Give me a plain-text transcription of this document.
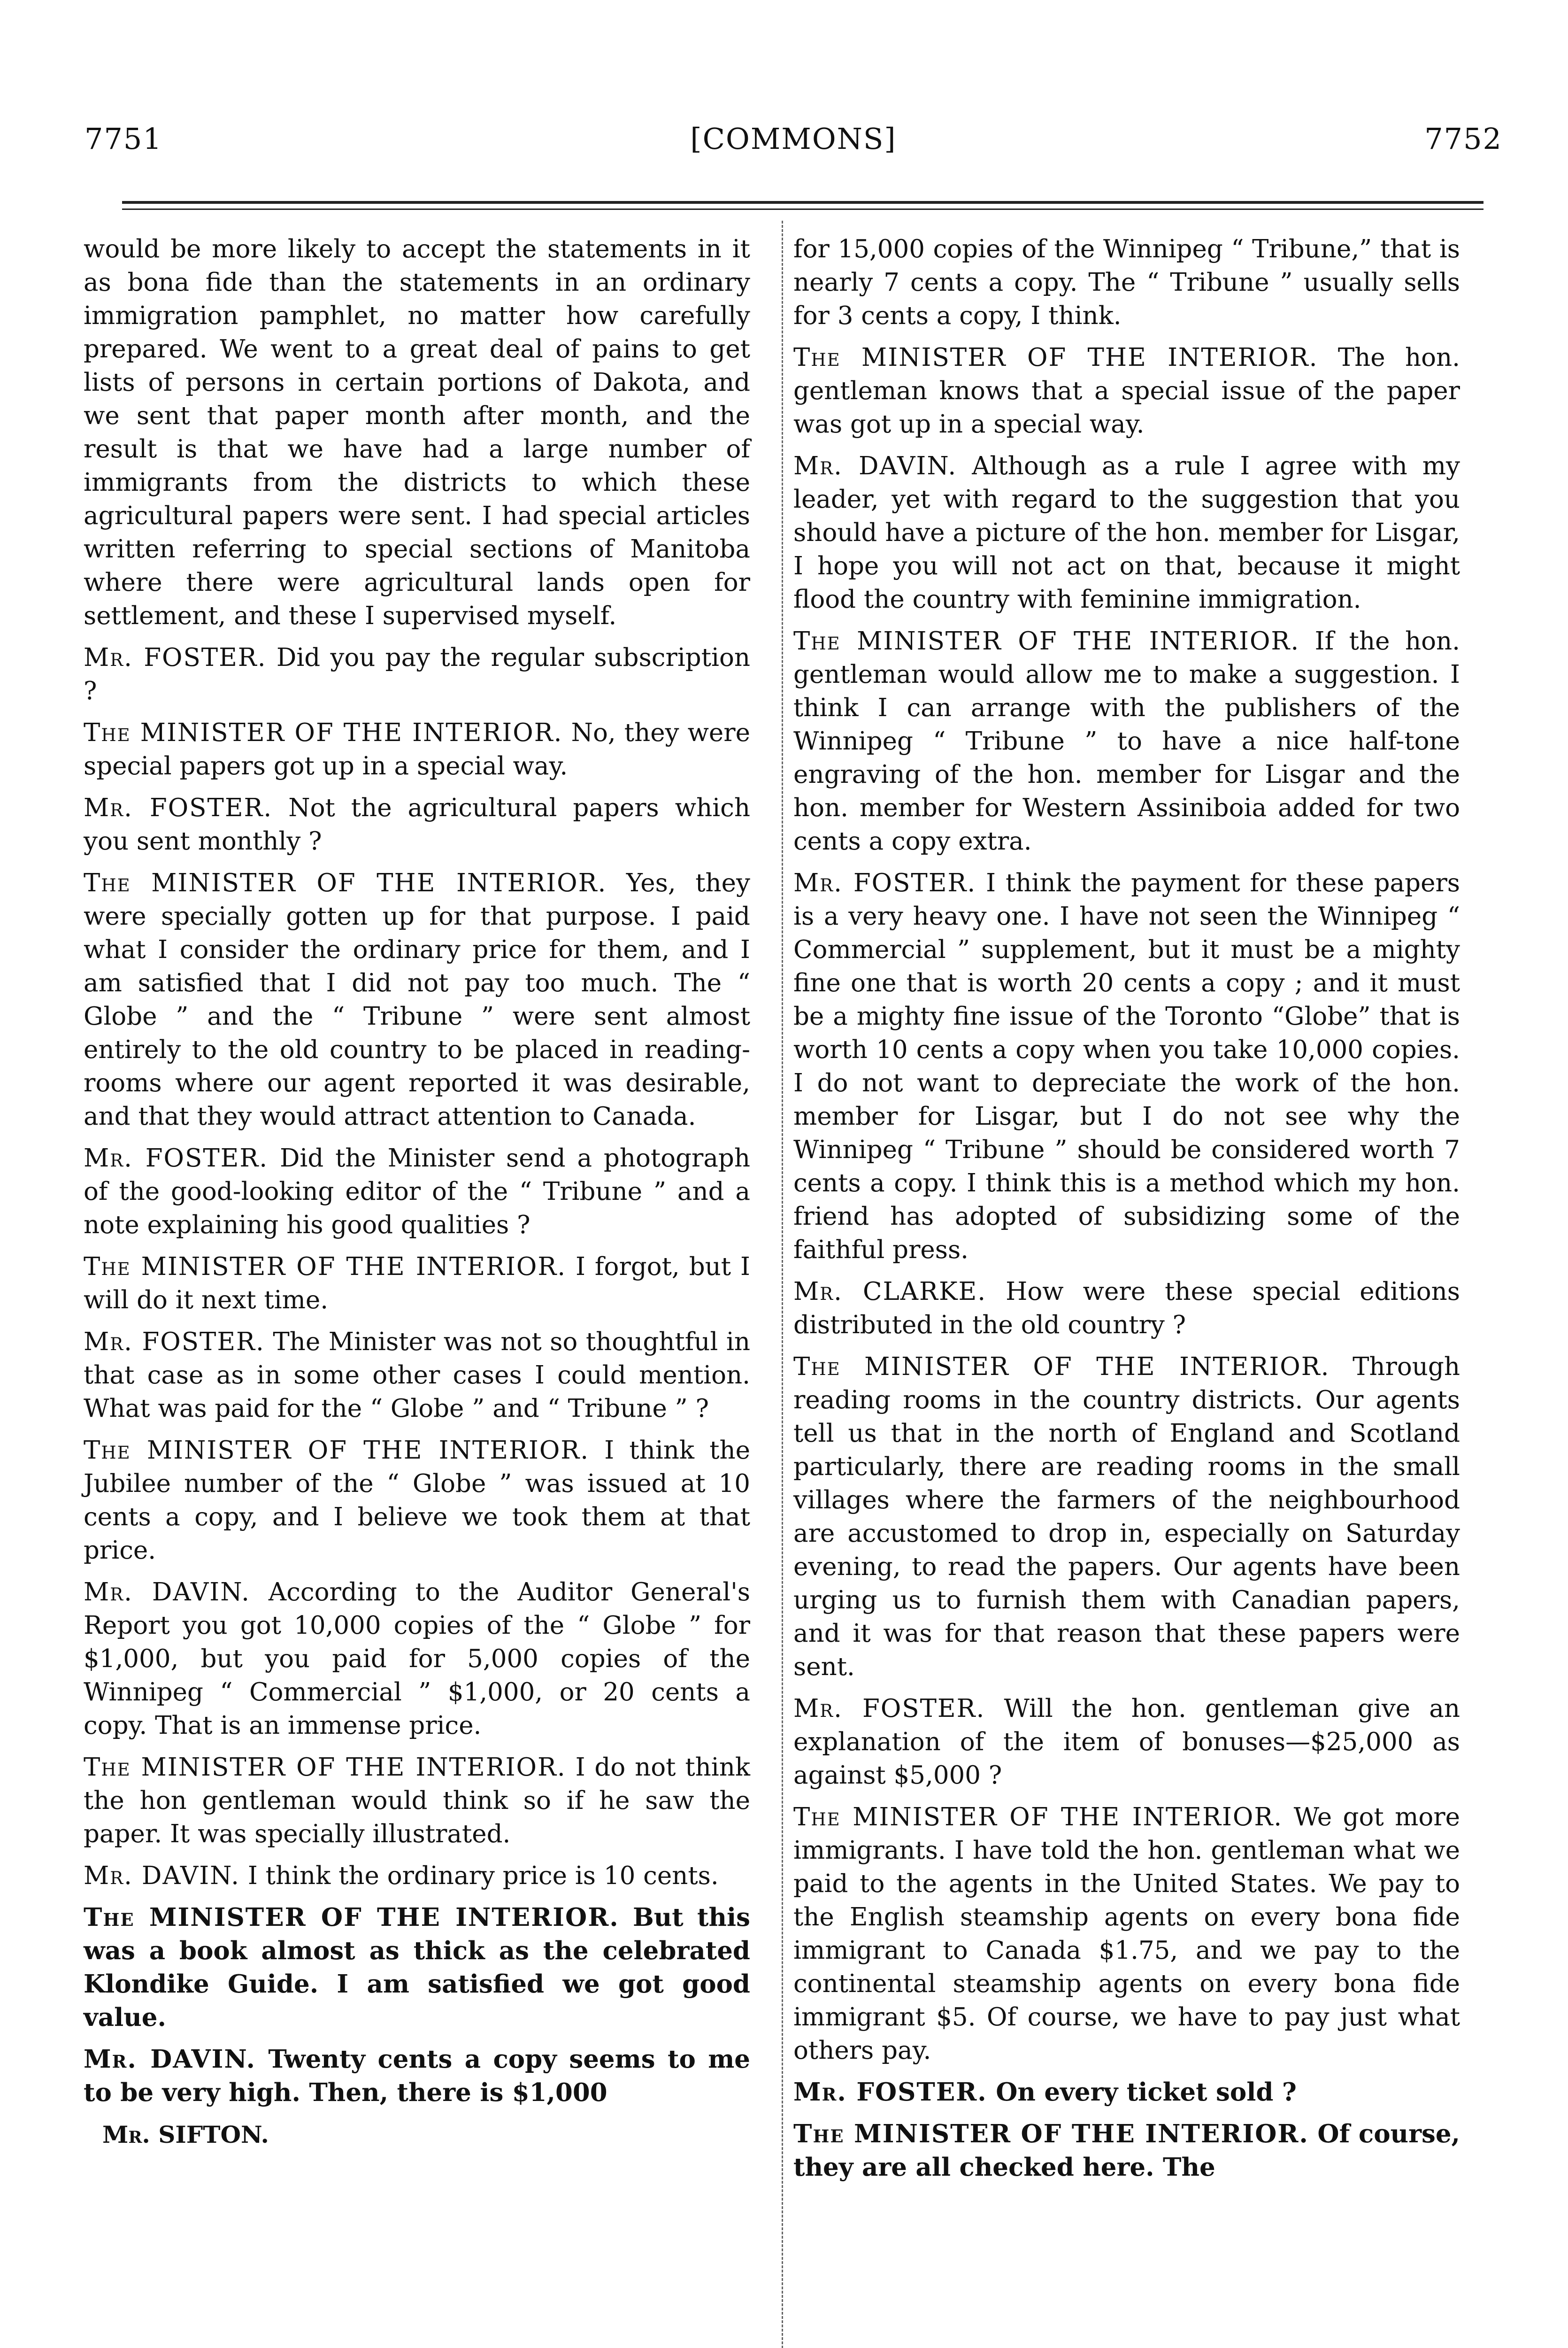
7751	[COMMONS]	7752

would be more likely to accept the statements in it as bona fide than the statements in an ordinary immigration pamphlet, no matter how carefully prepared. We went to a great deal of pains to get lists of persons in certain portions of Dakota, and we sent that paper month after month, and the result is that we have had a large number of immigrants from the districts to which these agricultural papers were sent. I had special articles written referring to special sections of Manitoba where there were agricultural lands open for settlement, and these I supervised myself.

Mr. FOSTER. Did you pay the regular subscription ?

The MINISTER OF THE INTERIOR. No, they were special papers got up in a special way.

Mr. FOSTER. Not the agricultural papers which you sent monthly ?

The MINISTER OF THE INTERIOR. Yes, they were specially gotten up for that purpose. I paid what I consider the ordinary price for them, and I am satisfied that I did not pay too much. The “ Globe ” and the “ Tribune ” were sent almost entirely to the old country to be placed in reading-rooms where our agent reported it was desirable, and that they would attract attention to Canada.

Mr. FOSTER. Did the Minister send a photograph of the good-looking editor of the “ Tribune ” and a note explaining his good qualities ?

The MINISTER OF THE INTERIOR. I forgot, but I will do it next time.

Mr. FOSTER. The Minister was not so thoughtful in that case as in some other cases I could mention. What was paid for the “ Globe ” and “ Tribune ” ?

The MINISTER OF THE INTERIOR. I think the Jubilee number of the “ Globe ” was issued at 10 cents a copy, and I believe we took them at that price.

Mr. DAVIN. According to the Auditor General's Report you got 10,000 copies of the “ Globe ” for $1,000, but you paid for 5,000 copies of the Winnipeg “ Commercial ” $1,000, or 20 cents a copy. That is an immense price.

The MINISTER OF THE INTERIOR. I do not think the hon gentleman would think so if he saw the paper. It was specially illustrated.

Mr. DAVIN. I think the ordinary price is 10 cents.

The MINISTER OF THE INTERIOR. But this was a book almost as thick as the celebrated Klondike Guide. I am satisfied we got good value.

Mr. DAVIN. Twenty cents a copy seems to me to be very high. Then, there is $1,000

Mr. SIFTON.

for 15,000 copies of the Winnipeg “ Tribune,” that is nearly 7 cents a copy. The “ Tribune ” usually sells for 3 cents a copy, I think.

The MINISTER OF THE INTERIOR. The hon. gentleman knows that a special issue of the paper was got up in a special way.

Mr. DAVIN. Although as a rule I agree with my leader, yet with regard to the suggestion that you should have a picture of the hon. member for Lisgar, I hope you will not act on that, because it might flood the country with feminine immigration.

The MINISTER OF THE INTERIOR. If the hon. gentleman would allow me to make a suggestion. I think I can arrange with the publishers of the Winnipeg “ Tribune ” to have a nice half-tone engraving of the hon. member for Lisgar and the hon. member for Western Assiniboia added for two cents a copy extra.

Mr. FOSTER. I think the payment for these papers is a very heavy one. I have not seen the Winnipeg “ Commercial ” supplement, but it must be a mighty fine one that is worth 20 cents a copy ; and it must be a mighty fine issue of the Toronto “Globe” that is worth 10 cents a copy when you take 10,000 copies. I do not want to depreciate the work of the hon. member for Lisgar, but I do not see why the Winnipeg “ Tribune ” should be considered worth 7 cents a copy. I think this is a method which my hon. friend has adopted of subsidizing some of the faithful press.

Mr. CLARKE. How were these special editions distributed in the old country ?

The MINISTER OF THE INTERIOR. Through reading rooms in the country districts. Our agents tell us that in the north of England and Scotland particularly, there are reading rooms in the small villages where the farmers of the neighbourhood are accustomed to drop in, especially on Saturday evening, to read the papers. Our agents have been urging us to furnish them with Canadian papers, and it was for that reason that these papers were sent.

Mr. FOSTER. Will the hon. gentleman give an explanation of the item of bonuses—$25,000 as against $5,000 ?

The MINISTER OF THE INTERIOR. We got more immigrants. I have told the hon. gentleman what we paid to the agents in the United States. We pay to the English steamship agents on every bona fide immigrant to Canada $1.75, and we pay to the continental steamship agents on every bona fide immigrant $5. Of course, we have to pay just what others pay.

Mr. FOSTER. On every ticket sold ?

The MINISTER OF THE INTERIOR. Of course, they are all checked here. The
